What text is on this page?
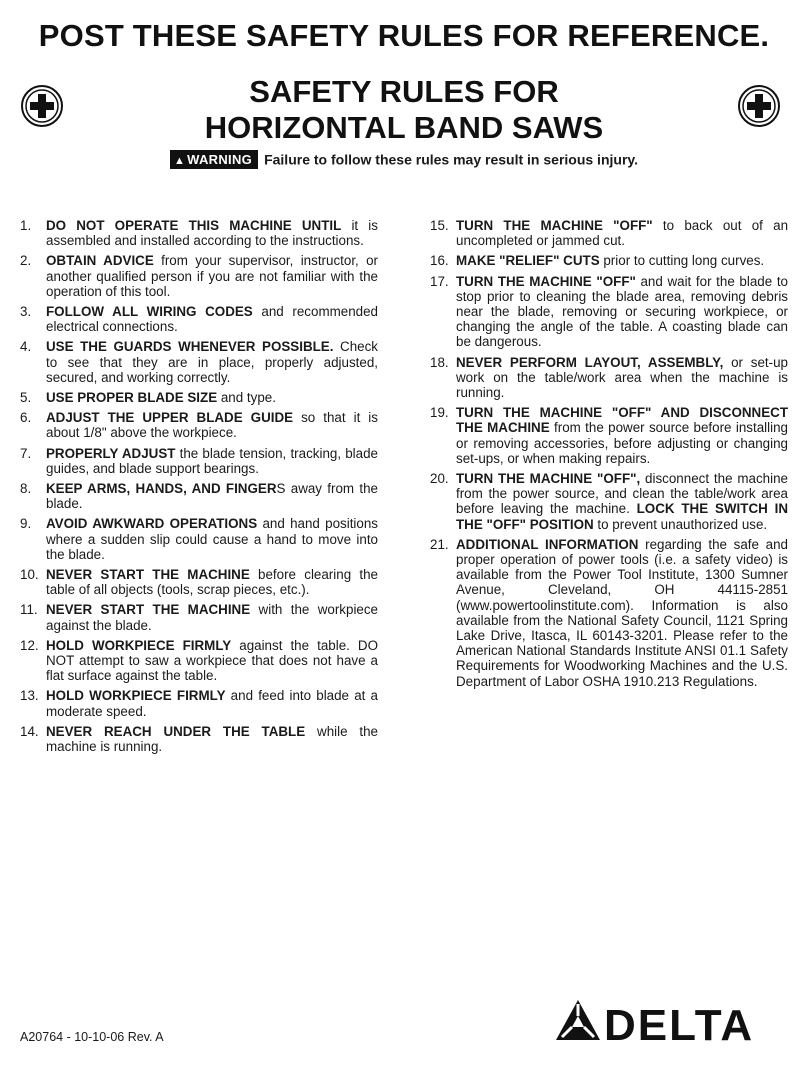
POST THESE SAFETY RULES FOR REFERENCE.
SAFETY RULES FOR
HORIZONTAL BAND SAWS
▲ WARNING Failure to follow these rules may result in serious injury.
1. DO NOT OPERATE THIS MACHINE UNTIL it is assembled and installed according to the instructions.
2. OBTAIN ADVICE from your supervisor, instructor, or another qualified person if you are not familiar with the operation of this tool.
3. FOLLOW ALL WIRING CODES and recommended electrical connections.
4. USE THE GUARDS WHENEVER POSSIBLE. Check to see that they are in place, properly adjusted, secured, and working correctly.
5. USE PROPER BLADE SIZE and type.
6. ADJUST THE UPPER BLADE GUIDE so that it is about 1/8" above the workpiece.
7. PROPERLY ADJUST the blade tension, tracking, blade guides, and blade support bearings.
8. KEEP ARMS, HANDS, AND FINGERS away from the blade.
9. AVOID AWKWARD OPERATIONS and hand positions where a sudden slip could cause a hand to move into the blade.
10. NEVER START THE MACHINE before clearing the table of all objects (tools, scrap pieces, etc.).
11. NEVER START THE MACHINE with the workpiece against the blade.
12. HOLD WORKPIECE FIRMLY against the table. DO NOT attempt to saw a workpiece that does not have a flat surface against the table.
13. HOLD WORKPIECE FIRMLY and feed into blade at a moderate speed.
14. NEVER REACH UNDER THE TABLE while the machine is running.
15. TURN THE MACHINE "OFF" to back out of an uncompleted or jammed cut.
16. MAKE "RELIEF" CUTS prior to cutting long curves.
17. TURN THE MACHINE "OFF" and wait for the blade to stop prior to cleaning the blade area, removing debris near the blade, removing or securing workpiece, or changing the angle of the table. A coasting blade can be dangerous.
18. NEVER PERFORM LAYOUT, ASSEMBLY, or set-up work on the table/work area when the machine is running.
19. TURN THE MACHINE "OFF" AND DISCONNECT THE MACHINE from the power source before installing or removing accessories, before adjusting or changing set-ups, or when making repairs.
20. TURN THE MACHINE "OFF", disconnect the machine from the power source, and clean the table/work area before leaving the machine. LOCK THE SWITCH IN THE "OFF" POSITION to prevent unauthorized use.
21. ADDITIONAL INFORMATION regarding the safe and proper operation of power tools (i.e. a safety video) is available from the Power Tool Institute, 1300 Sumner Avenue, Cleveland, OH 44115-2851 (www.powertoolinstitute.com). Information is also available from the National Safety Council, 1121 Spring Lake Drive, Itasca, IL 60143-3201. Please refer to the American National Standards Institute ANSI 01.1 Safety Requirements for Woodworking Machines and the U.S. Department of Labor OSHA 1910.213 Regulations.
A20764 - 10-10-06 Rev. A	DELTA
